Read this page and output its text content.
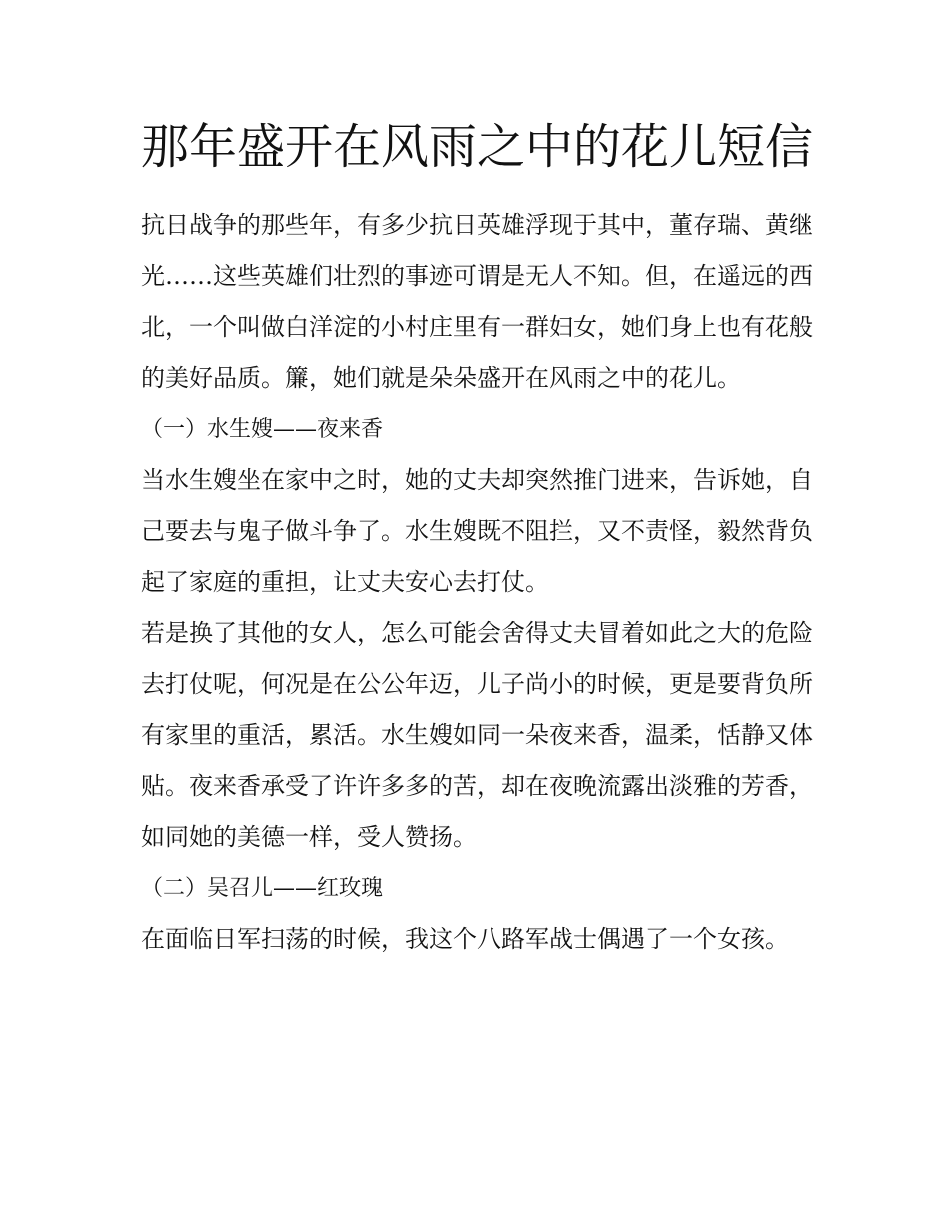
那年盛开在风雨之中的花儿短信

抗日战争的那些年，有多少抗日英雄浮现于其中，董存瑞、黄继光……这些英雄们壮烈的事迹可谓是无人不知。但，在遥远的西北，一个叫做白洋淀的小村庄里有一群妇女，她们身上也有花般的美好品质。簾，她们就是朵朵盛开在风雨之中的花儿。

（一）水生嫂——夜来香

当水生嫂坐在家中之时，她的丈夫却突然推门进来，告诉她，自己要去与鬼子做斗争了。水生嫂既不阻拦，又不责怪，毅然背负起了家庭的重担，让丈夫安心去打仗。

若是换了其他的女人，怎么可能会舍得丈夫冒着如此之大的危险去打仗呢，何况是在公公年迈，儿子尚小的时候，更是要背负所有家里的重活，累活。水生嫂如同一朵夜来香，温柔，恬静又体贴。夜来香承受了许许多多的苦，却在夜晚流露出淡雅的芳香，如同她的美德一样，受人赞扬。

（二）吴召儿——红玫瑰

在面临日军扫荡的时候，我这个八路军战士偶遇了一个女孩。
